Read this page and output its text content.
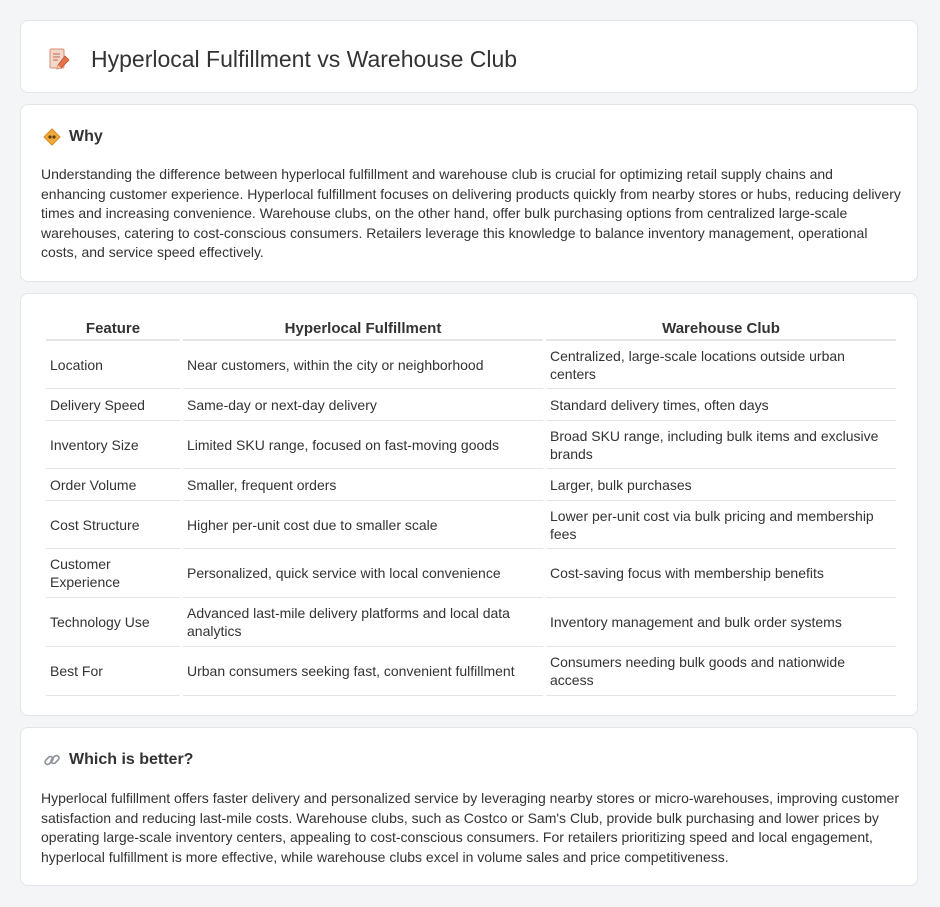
Hyperlocal Fulfillment vs Warehouse Club
Why

Understanding the difference between hyperlocal fulfillment and warehouse club is crucial for optimizing retail supply chains and enhancing customer experience. Hyperlocal fulfillment focuses on delivering products quickly from nearby stores or hubs, reducing delivery times and increasing convenience. Warehouse clubs, on the other hand, offer bulk purchasing options from centralized large-scale warehouses, catering to cost-conscious consumers. Retailers leverage this knowledge to balance inventory management, operational costs, and service speed effectively.

Feature	Hyperlocal Fulfillment	Warehouse Club
Location	Near customers, within the city or neighborhood	Centralized, large-scale locations outside urban centers
Delivery Speed	Same-day or next-day delivery	Standard delivery times, often days
Inventory Size	Limited SKU range, focused on fast-moving goods	Broad SKU range, including bulk items and exclusive brands
Order Volume	Smaller, frequent orders	Larger, bulk purchases
Cost Structure	Higher per-unit cost due to smaller scale	Lower per-unit cost via bulk pricing and membership fees
Customer Experience	Personalized, quick service with local convenience	Cost-saving focus with membership benefits
Technology Use	Advanced last-mile delivery platforms and local data analytics	Inventory management and bulk order systems
Best For	Urban consumers seeking fast, convenient fulfillment	Consumers needing bulk goods and nationwide access
Which is better?

Hyperlocal fulfillment offers faster delivery and personalized service by leveraging nearby stores or micro-warehouses, improving customer satisfaction and reducing last-mile costs. Warehouse clubs, such as Costco or Sam's Club, provide bulk purchasing and lower prices by operating large-scale inventory centers, appealing to cost-conscious consumers. For retailers prioritizing speed and local engagement, hyperlocal fulfillment is more effective, while warehouse clubs excel in volume sales and price competitiveness.
